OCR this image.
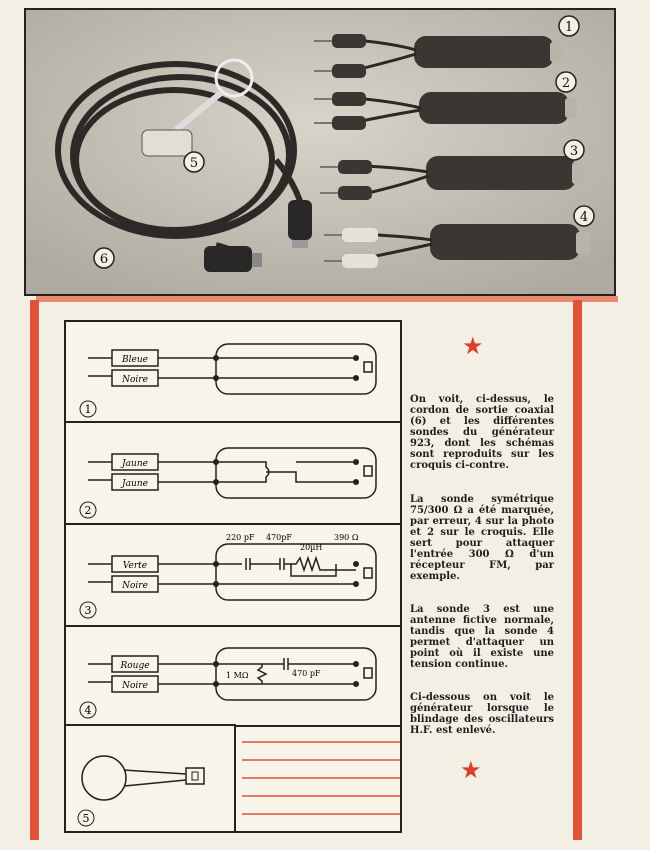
1
2
3
4
5
6
Bleue
Noire
1
Jaune
Jaune
2
220 pF 470pF
20µH
390 Ω
Verte
Noire
3
1 MΩ	470 pF
Rouge
Noire
4
5
★
On voit, ci-dessus, le cordon de sortie coaxial (6) et les différentes sondes du générateur 923, dont les schémas sont reproduits sur les croquis ci-contre.
La sonde symétrique 75/300 Ω a été marquée, par erreur, 4 sur la photo et 2 sur le croquis. Elle sert pour attaquer l'entrée 300 Ω d'un récepteur FM, par exemple.
La sonde 3 est une antenne fictive normale, tandis que la sonde 4 permet d'attaquer un point où il existe une tension continue.
Ci-dessous on voit le générateur lorsque le blindage des oscillateurs H.F. est enlevé.
★
